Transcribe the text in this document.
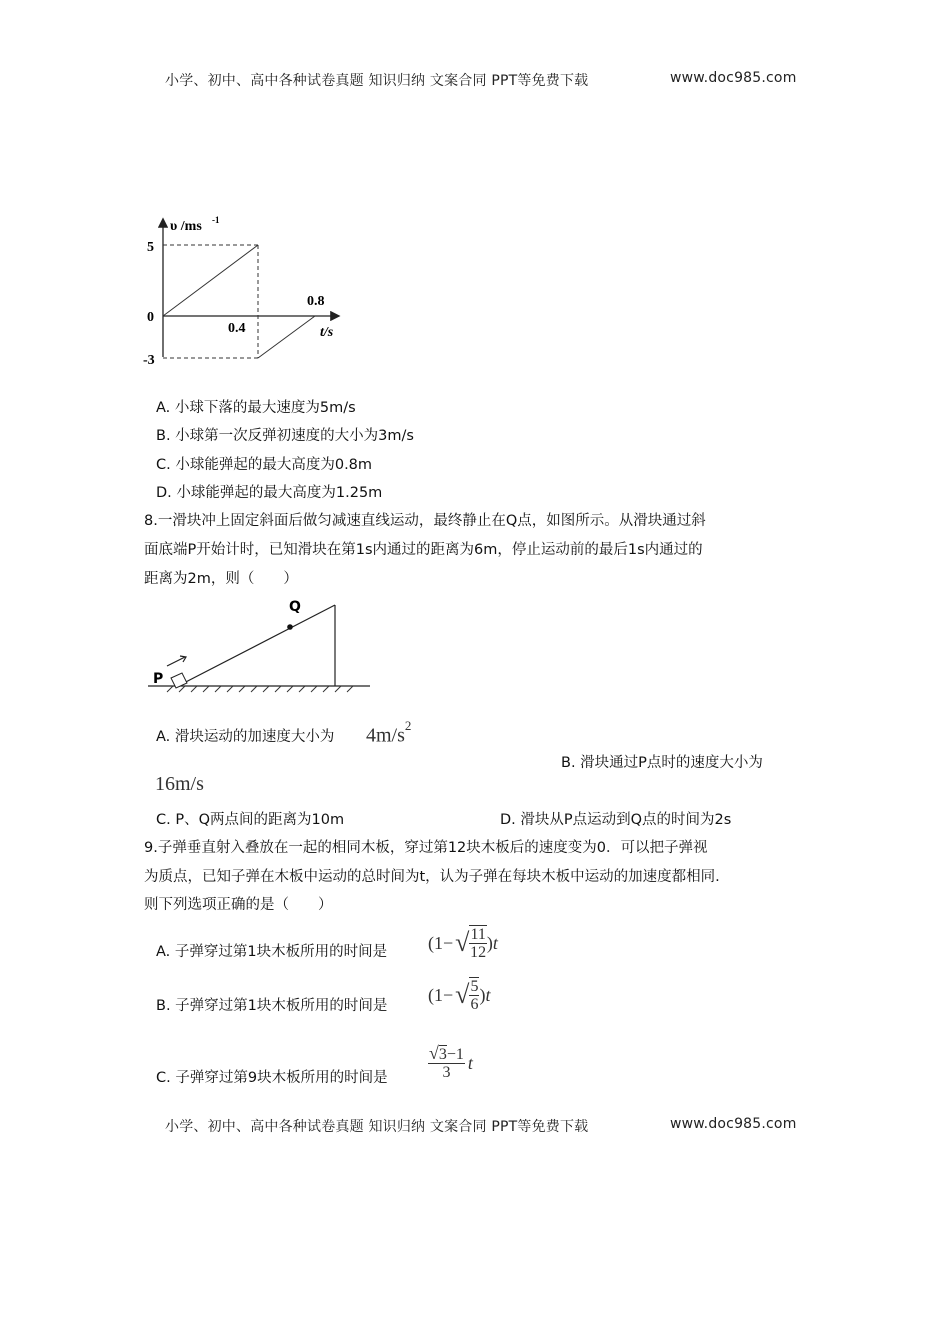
小学、初中、高中各种试卷真题 知识归纳 文案合同 PPT等免费下载	www.doc985.com
υ /ms -1
5
0
-3
0.4
0.8
t/s
A. 小球下落的最大速度为5m/s
B. 小球第一次反弹初速度的大小为3m/s
C. 小球能弹起的最大高度为0.8m
D. 小球能弹起的最大高度为1.25m
8.一滑块冲上固定斜面后做匀减速直线运动，最终静止在Q点，如图所示。从滑块通过斜
面底端P开始计时，已知滑块在第1s内通过的距离为6m，停止运动前的最后1s内通过的
距离为2m，则（　　）
Q
P
A. 滑块运动的加速度大小为 $4m/s^2$
B. 滑块通过P点时的速度大小为
16m/s
C. P、Q两点间的距离为10m	D. 滑块从P点运动到Q点的时间为2s
9.子弹垂直射入叠放在一起的相同木板，穿过第12块木板后的速度变为0．可以把子弹视
为质点，已知子弹在木板中运动的总时间为t，认为子弹在每块木板中运动的加速度都相同.
则下列选项正确的是（　　）
A. 子弹穿过第1块木板所用的时间是 (1− √ $\frac{11}{12}$ ) t
B. 子弹穿过第1块木板所用的时间是
(1− √ $\frac{5}{6}$ ) t
C. 子弹穿过第9块木板所用的时间是 $\frac{√3-1}{3}$ t
小学、初中、高中各种试卷真题 知识归纳 文案合同 PPT等免费下载	www.doc985.com
